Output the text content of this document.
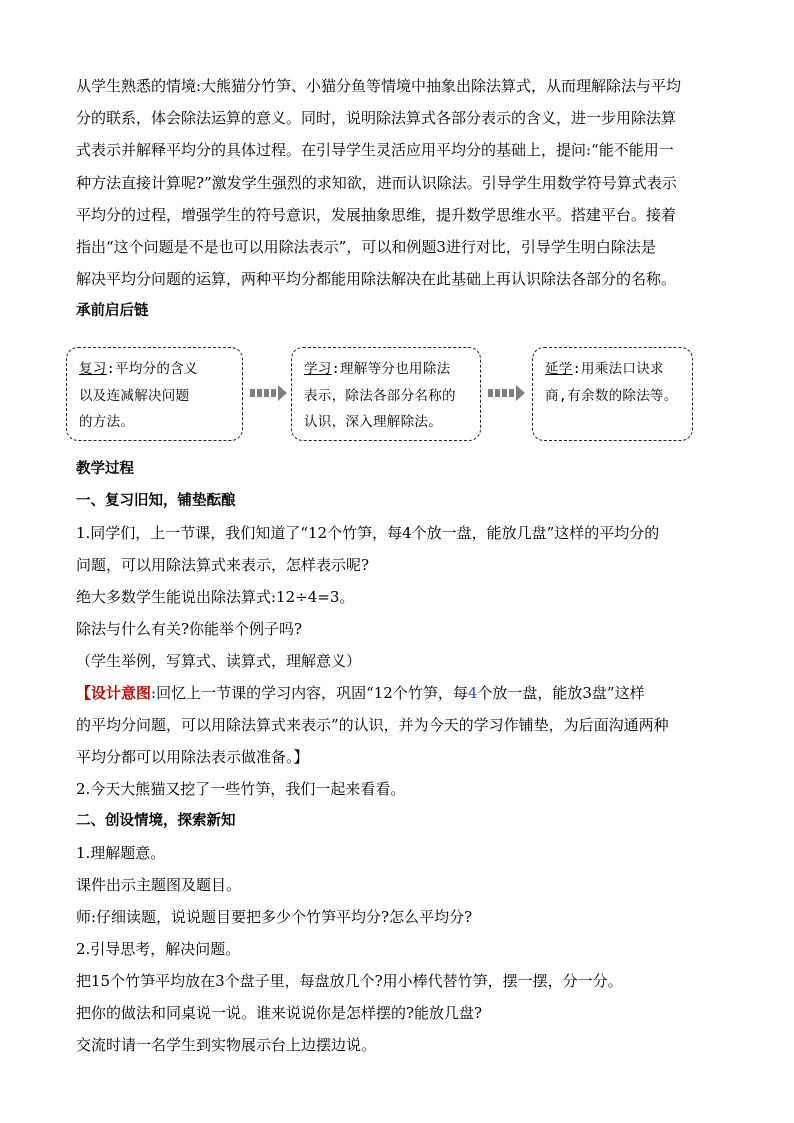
从学生熟悉的情境:大熊猫分竹笋、小猫分鱼等情境中抽象出除法算式，从而理解除法与平均

分的联系，体会除法运算的意义。同时，说明除法算式各部分表示的含义，进一步用除法算

式表示并解释平均分的具体过程。在引导学生灵活应用平均分的基础上，提问:“能不能用一

种方法直接计算呢?”激发学生强烈的求知欲，进而认识除法。引导学生用数学符号算式表示

平均分的过程，增强学生的符号意识，发展抽象思维，提升数学思维水平。搭建平台。接着

指出“这个问题是不是也可以用除法表示”，可以和例题3进行对比，引导学生明白除法是

解决平均分问题的运算，两种平均分都能用除法解决在此基础上再认识除法各部分的名称。

承前启后链

复习:平均分的含义
以及连减解决问题
的方法。
学习:理解等分也用除法
表示，除法各部分名称的
认识，深入理解除法。
延学:用乘法口诀求
商,有余数的除法等。

教学过程

一、复习旧知，铺垫酝酿

1.同学们，上一节课，我们知道了“12个竹笋，每4个放一盘，能放几盘”这样的平均分的

问题，可以用除法算式来表示，怎样表示呢?

绝大多数学生能说出除法算式:12÷4=3。

除法与什么有关?你能举个例子吗?

（学生举例，写算式、读算式，理解意义）

【设计意图:回忆上一节课的学习内容，巩固“12个竹笋，每4个放一盘，能放3盘”这样

的平均分问题，可以用除法算式来表示”的认识，并为今天的学习作铺垫，为后面沟通两种

平均分都可以用除法表示做准备。】

2.今天大熊猫又挖了一些竹笋，我们一起来看看。

二、创设情境，探索新知

1.理解题意。

课件出示主题图及题目。

师:仔细读题，说说题目要把多少个竹笋平均分?怎么平均分?

2.引导思考，解决问题。

把15个竹笋平均放在3个盘子里，每盘放几个?用小棒代替竹笋，摆一摆，分一分。

把你的做法和同桌说一说。谁来说说你是怎样摆的?能放几盘?

交流时请一名学生到实物展示台上边摆边说。
